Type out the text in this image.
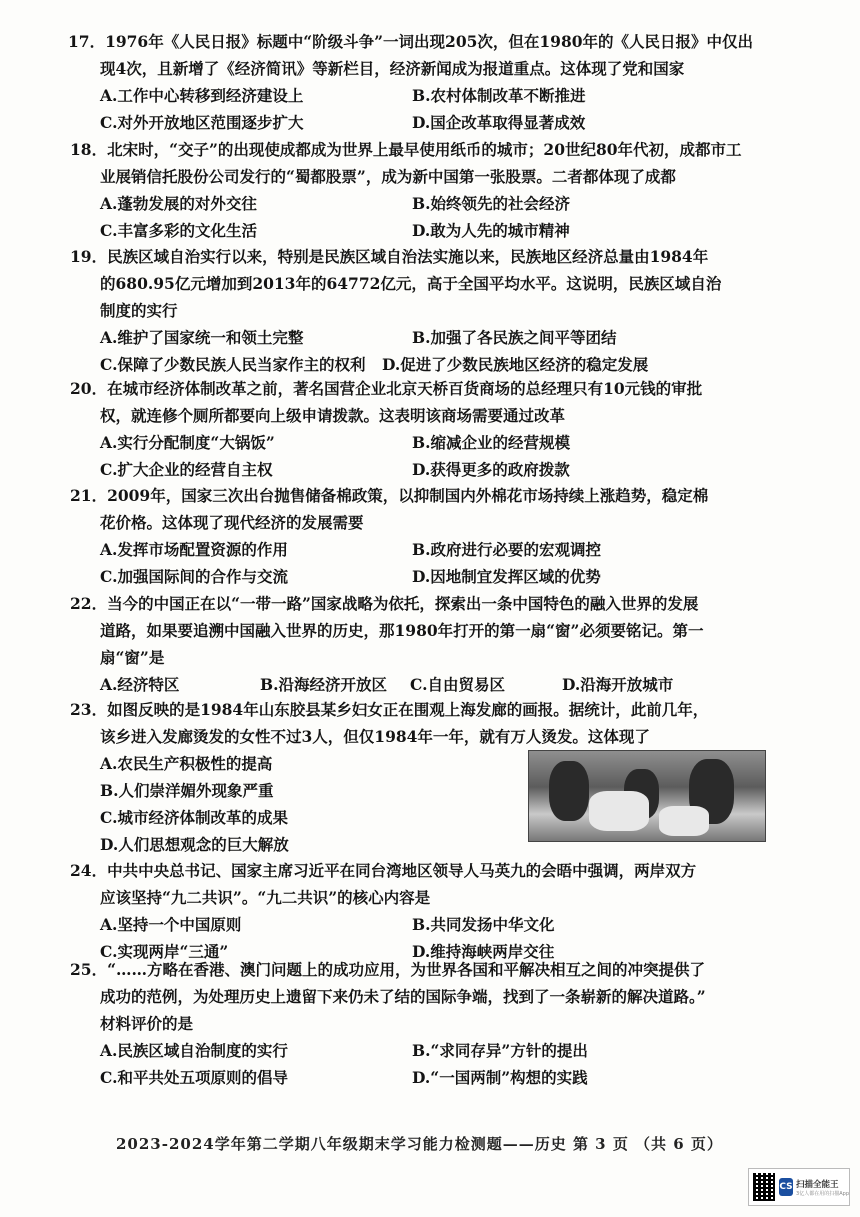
17．1976年《人民日报》标题中“阶级斗争”一词出现205次，但在1980年的《人民日报》中仅出
现4次，且新增了《经济简讯》等新栏目，经济新闻成为报道重点。这体现了党和国家
A.工作中心转移到经济建设上	B.农村体制改革不断推进
C.对外开放地区范围逐步扩大	D.国企改革取得显著成效
18．北宋时，“交子”的出现使成都成为世界上最早使用纸币的城市；20世纪80年代初，成都市工
业展销信托股份公司发行的“蜀都股票”，成为新中国第一张股票。二者都体现了成都
A.蓬勃发展的对外交往	B.始终领先的社会经济
C.丰富多彩的文化生活	D.敢为人先的城市精神
19．民族区域自治实行以来，特别是民族区域自治法实施以来，民族地区经济总量由1984年
的680.95亿元增加到2013年的64772亿元，高于全国平均水平。这说明，民族区域自治
制度的实行
A.维护了国家统一和领土完整	B.加强了各民族之间平等团结
C.保障了少数民族人民当家作主的权利	D.促进了少数民族地区经济的稳定发展
20．在城市经济体制改革之前，著名国营企业北京天桥百货商场的总经理只有10元钱的审批
权，就连修个厕所都要向上级申请拨款。这表明该商场需要通过改革
A.实行分配制度“大锅饭”	B.缩减企业的经营规模
C.扩大企业的经营自主权	D.获得更多的政府拨款
21．2009年，国家三次出台抛售储备棉政策，以抑制国内外棉花市场持续上涨趋势，稳定棉
花价格。这体现了现代经济的发展需要
A.发挥市场配置资源的作用	B.政府进行必要的宏观调控
C.加强国际间的合作与交流	D.因地制宜发挥区域的优势
22．当今的中国正在以“一带一路”国家战略为依托，探索出一条中国特色的融入世界的发展
道路，如果要追溯中国融入世界的历史，那1980年打开的第一扇“窗”必须要铭记。第一
扇“窗”是
A.经济特区	B.沿海经济开放区	C.自由贸易区	D.沿海开放城市
23．如图反映的是1984年山东胶县某乡妇女正在围观上海发廊的画报。据统计，此前几年，
该乡进入发廊烫发的女性不过3人，但仅1984年一年，就有万人烫发。这体现了
A.农民生产积极性的提高
B.人们崇洋媚外现象严重
C.城市经济体制改革的成果
D.人们思想观念的巨大解放
24．中共中央总书记、国家主席习近平在同台湾地区领导人马英九的会晤中强调，两岸双方
应该坚持“九二共识”。“九二共识”的核心内容是
A.坚持一个中国原则	B.共同发扬中华文化
C.实现两岸“三通”	D.维持海峡两岸交往
25．“……方略在香港、澳门问题上的成功应用，为世界各国和平解决相互之间的冲突提供了
成功的范例，为处理历史上遗留下来仍未了结的国际争端，找到了一条崭新的解决道路。”
材料评价的是
A.民族区域自治制度的实行	B.“求同存异”方针的提出
C.和平共处五项原则的倡导	D.“一国两制”构想的实践
2023-2024学年第二学期八年级期末学习能力检测题——历史 第 3 页 （共 6 页）
CS 扫描全能王
3亿人都在用的扫描App
